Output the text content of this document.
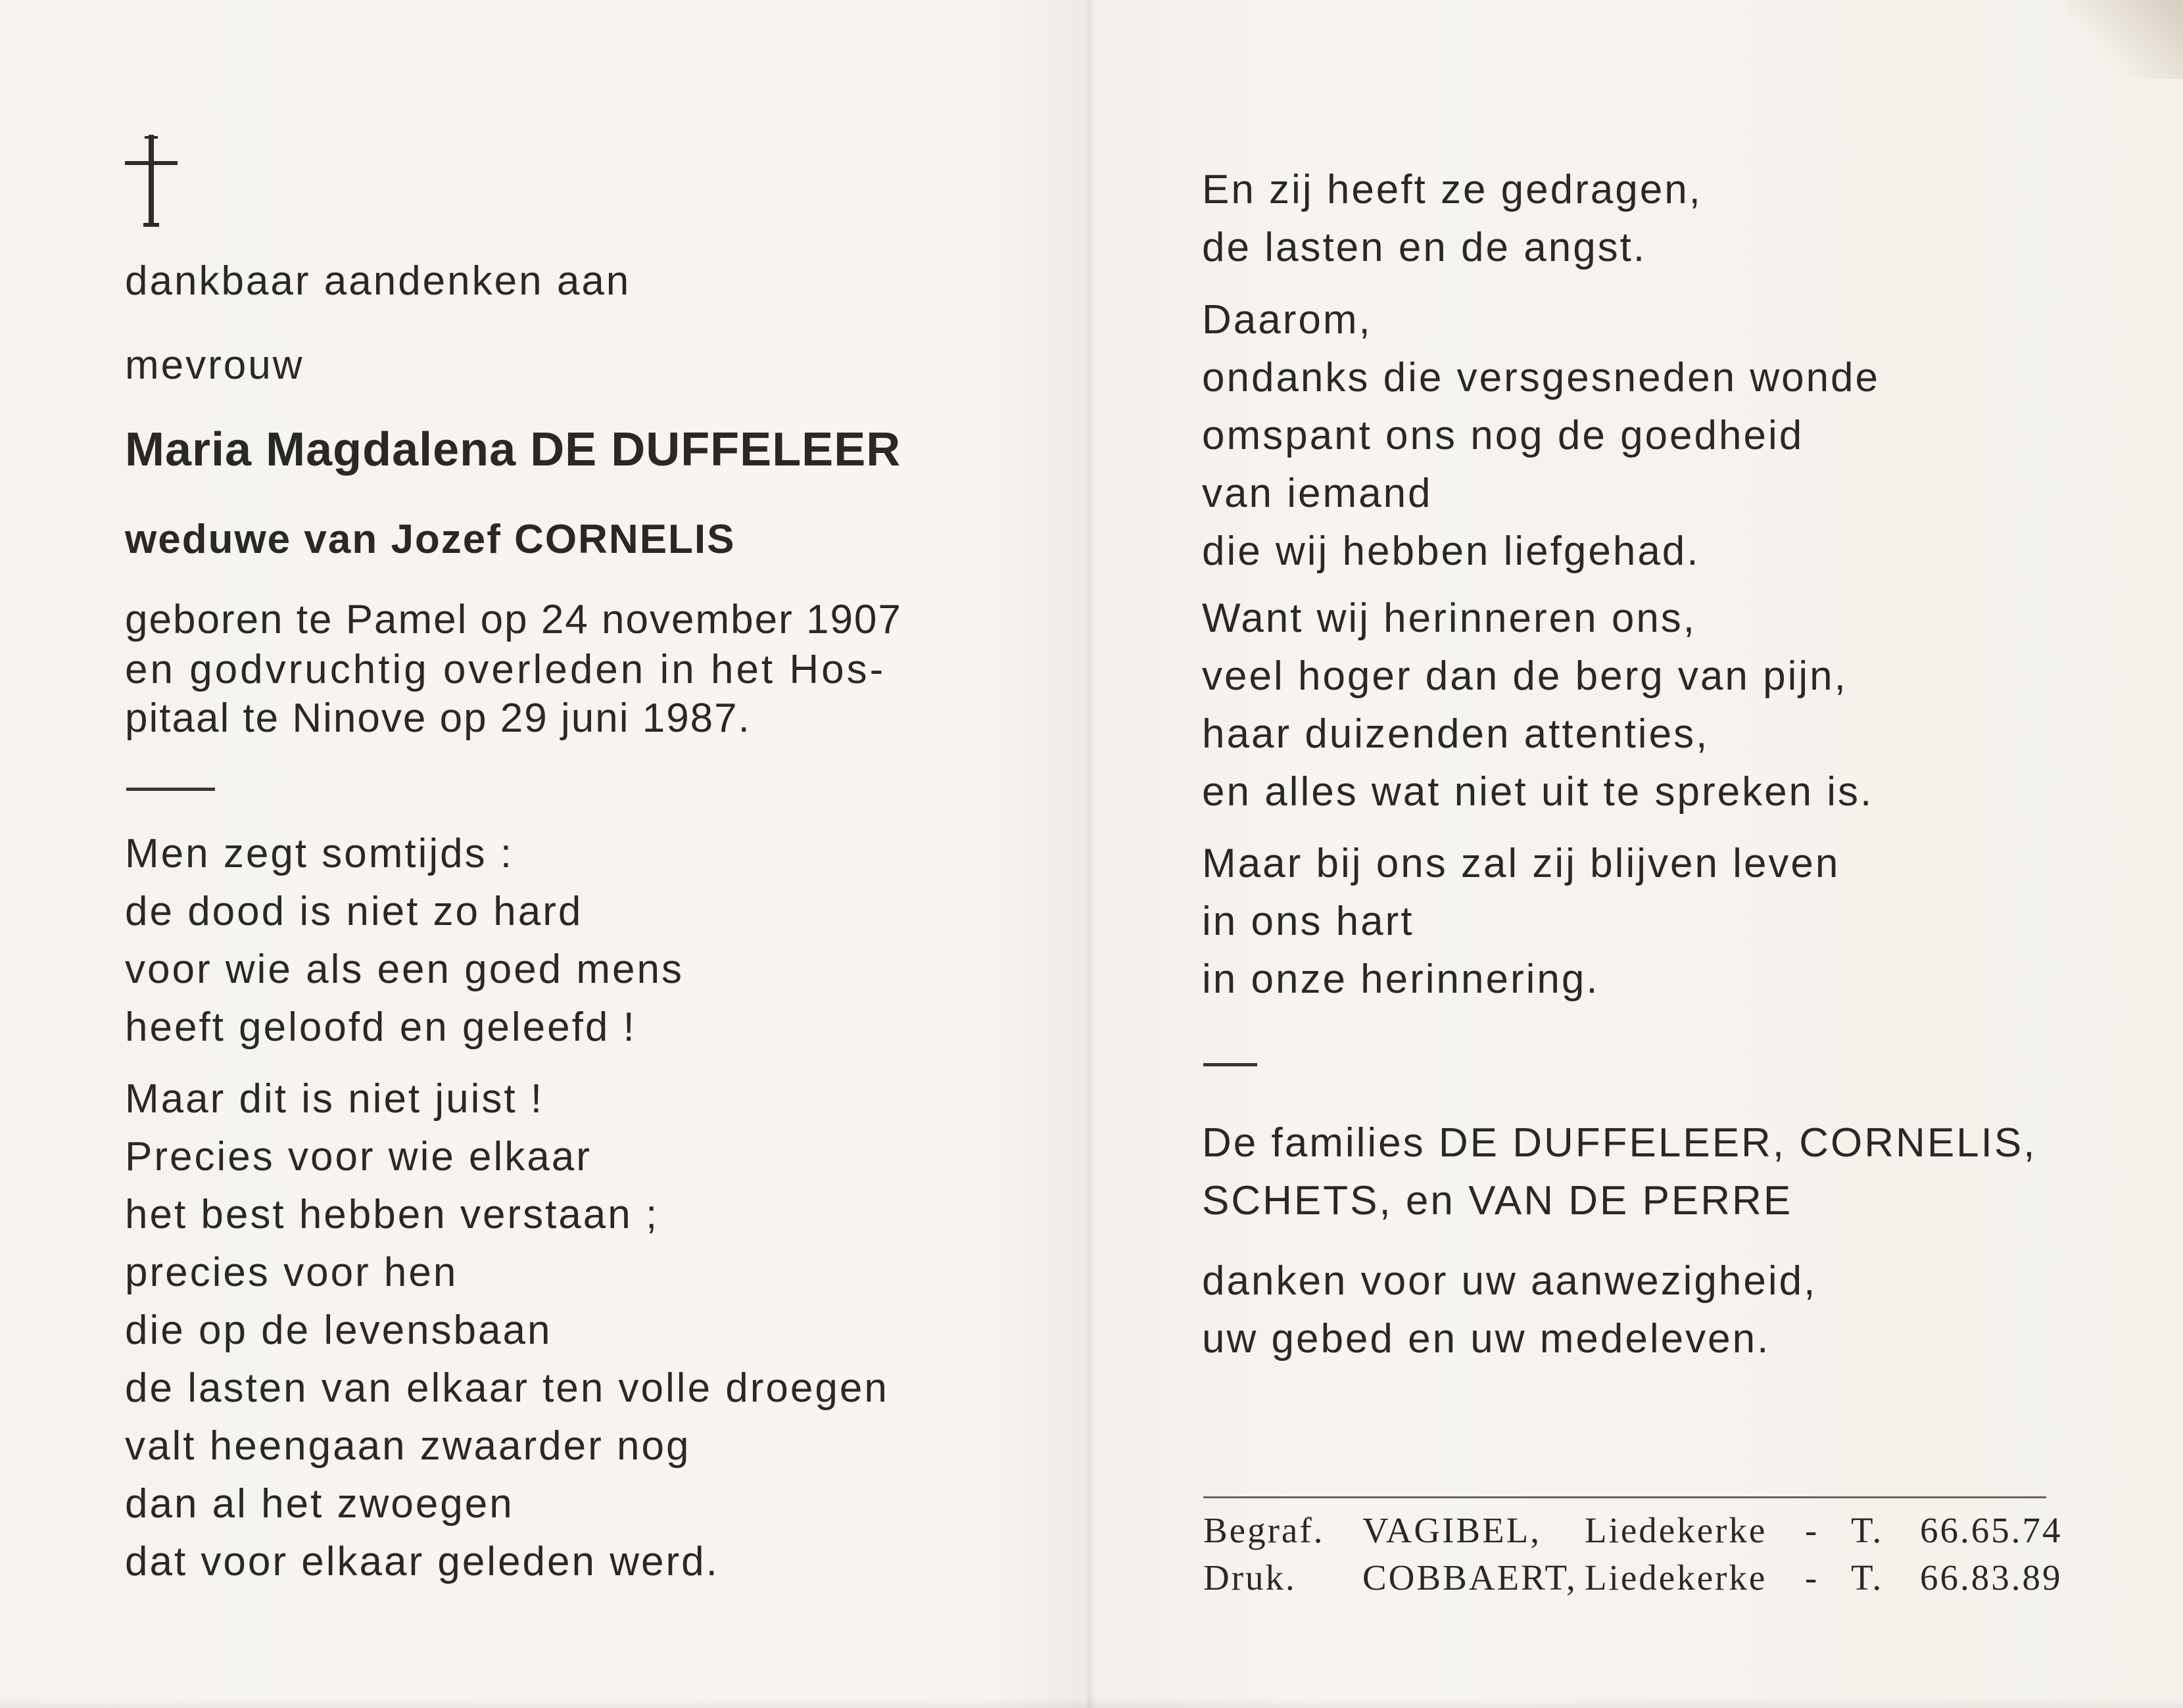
dankbaar aandenken aan
mevrouw
Maria Magdalena DE DUFFELEER
weduwe van Jozef CORNELIS
geboren te Pamel op 24 november 1907
en godvruchtig overleden in het Hos-
pitaal te Ninove op 29 juni 1987.
Men zegt somtijds :
de dood is niet zo hard
voor wie als een goed mens
heeft geloofd en geleefd !
Maar dit is niet juist !
Precies voor wie elkaar
het best hebben verstaan ;
precies voor hen
die op de levensbaan
de lasten van elkaar ten volle droegen
valt heengaan zwaarder nog
dan al het zwoegen
dat voor elkaar geleden werd.
En zij heeft ze gedragen,
de lasten en de angst.
Daarom,
ondanks die versgesneden wonde
omspant ons nog de goedheid
van iemand
die wij hebben liefgehad.
Want wij herinneren ons,
veel hoger dan de berg van pijn,
haar duizenden attenties,
en alles wat niet uit te spreken is.
Maar bij ons zal zij blijven leven
in ons hart
in onze herinnering.
De families DE DUFFELEER, CORNELIS,
SCHETS, en VAN DE PERRE
danken voor uw aanwezigheid,
uw gebed en uw medeleven.
Begraf. VAGIBEL, Liedekerke - T. 66.65.74
Druk. COBBAERT, Liedekerke - T. 66.83.89
